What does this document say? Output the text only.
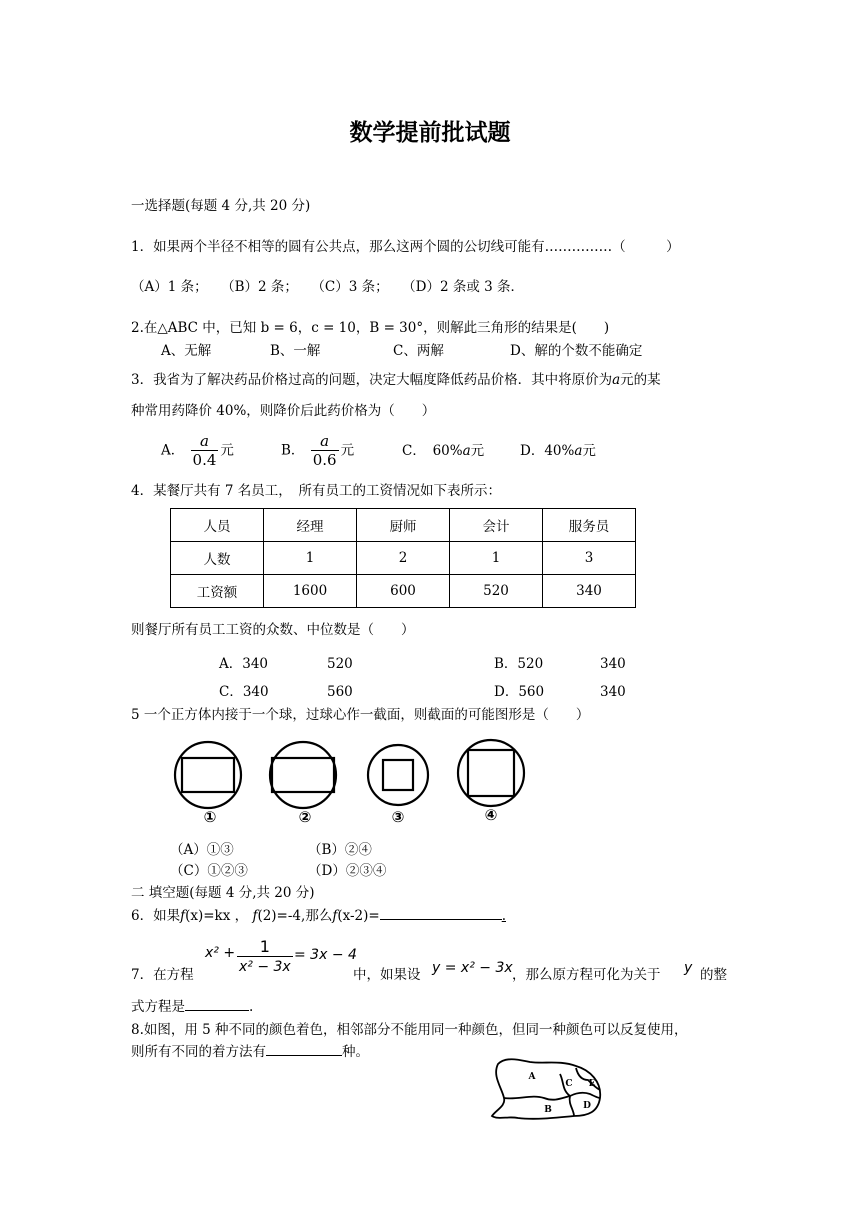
数学提前批试题
一选择题(每题 4 分,共 20 分)
1．如果两个半径不相等的圆有公共点，那么这两个圆的公切线可能有……………（　　　）
（A）1 条；　　（B）2 条；　　（C）3 条；　　（D）2 条或 3 条．
2.在△ABC 中，已知 b = 6，c = 10，B = 30°，则解此三角形的结果是(　　)
A、无解	B、一解	C、两解	D、解的个数不能确定
3．我省为了解决药品价格过高的问题，决定大幅度降低药品价格．其中将原价为a元的某
种常用药降价 40%，则降价后此药价格为（　　）
A． $\frac{a}{0.4}$ 元	B． $\frac{a}{0.6}$ 元	C．　60%a元	D．40%a元
4．某餐厅共有 7 名员工，　所有员工的工资情况如下表所示：
人员	经理	厨师	会计	服务员
人数	1	2	1	3
工资额	1600	600	520	340
则餐厅所有员工工资的众数、中位数是（　　）
A．340	520	B．520	340
C．340	560	D．560	340
5 一个正方体内接于一个球，过球心作一截面，则截面的可能图形是（　　）
①	②	③	④
（A）①③	（B）②④
（C）①②③	（D）②③④
二 填空题(每题 4 分,共 20 分)
6．如果f(x)=kx ， f(2)=-4,那么f(x-2)=	.
7．在方程
$x^2 + \frac{1}{\text{x² − 3x}} = 3x - 4$
中，如果设 y = x² − 3x ，那么原方程可化为关于 y 的整
式方程是	.
8.如图，用 5 种不同的颜色着色，相邻部分不能用同一种颜色，但同一种颜色可以反复使用，
则所有不同的着方法有	种。
A
B
C
D
E
